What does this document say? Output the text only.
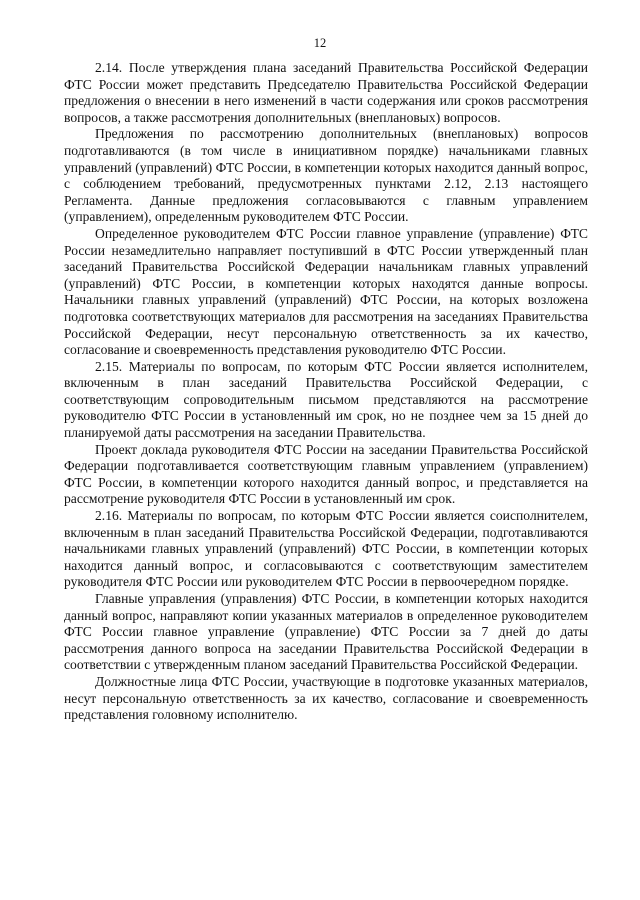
12

2.14. После утверждения плана заседаний Правительства Российской Федерации ФТС России может представить Председателю Правительства Российской Федерации предложения о внесении в него изменений в части содержания или сроков рассмотрения вопросов, а также рассмотрения дополнительных (внеплановых) вопросов.

Предложения по рассмотрению дополнительных (внеплановых) вопросов подготавливаются (в том числе в инициативном порядке) начальниками главных управлений (управлений) ФТС России, в компетенции которых находится данный вопрос, с соблюдением требований, предусмотренных пунктами 2.12, 2.13 настоящего Регламента. Данные предложения согласовываются с главным управлением (управлением), определенным руководителем ФТС России.

Определенное руководителем ФТС России главное управление (управление) ФТС России незамедлительно направляет поступивший в ФТС России утвержденный план заседаний Правительства Российской Федерации начальникам главных управлений (управлений) ФТС России, в компетенции которых находятся данные вопросы. Начальники главных управлений (управлений) ФТС России, на которых возложена подготовка соответствующих материалов для рассмотрения на заседаниях Правительства Российской Федерации, несут персональную ответственность за их качество, согласование и своевременность представления руководителю ФТС России.

2.15. Материалы по вопросам, по которым ФТС России является исполнителем, включенным в план заседаний Правительства Российской Федерации, с соответствующим сопроводительным письмом представляются на рассмотрение руководителю ФТС России в установленный им срок, но не позднее чем за 15 дней до планируемой даты рассмотрения на заседании Правительства.

Проект доклада руководителя ФТС России на заседании Правительства Российской Федерации подготавливается соответствующим главным управлением (управлением) ФТС России, в компетенции которого находится данный вопрос, и представляется на рассмотрение руководителя ФТС России в установленный им срок.

2.16. Материалы по вопросам, по которым ФТС России является соисполнителем, включенным в план заседаний Правительства Российской Федерации, подготавливаются начальниками главных управлений (управлений) ФТС России, в компетенции которых находится данный вопрос, и согласовываются с соответствующим заместителем руководителя ФТС России или руководителем ФТС России в первоочередном порядке.

Главные управления (управления) ФТС России, в компетенции которых находится данный вопрос, направляют копии указанных материалов в определенное руководителем ФТС России главное управление (управление) ФТС России за 7 дней до даты рассмотрения данного вопроса на заседании Правительства Российской Федерации в соответствии с утвержденным планом заседаний Правительства Российской Федерации.

Должностные лица ФТС России, участвующие в подготовке указанных материалов, несут персональную ответственность за их качество, согласование и своевременность представления головному исполнителю.
